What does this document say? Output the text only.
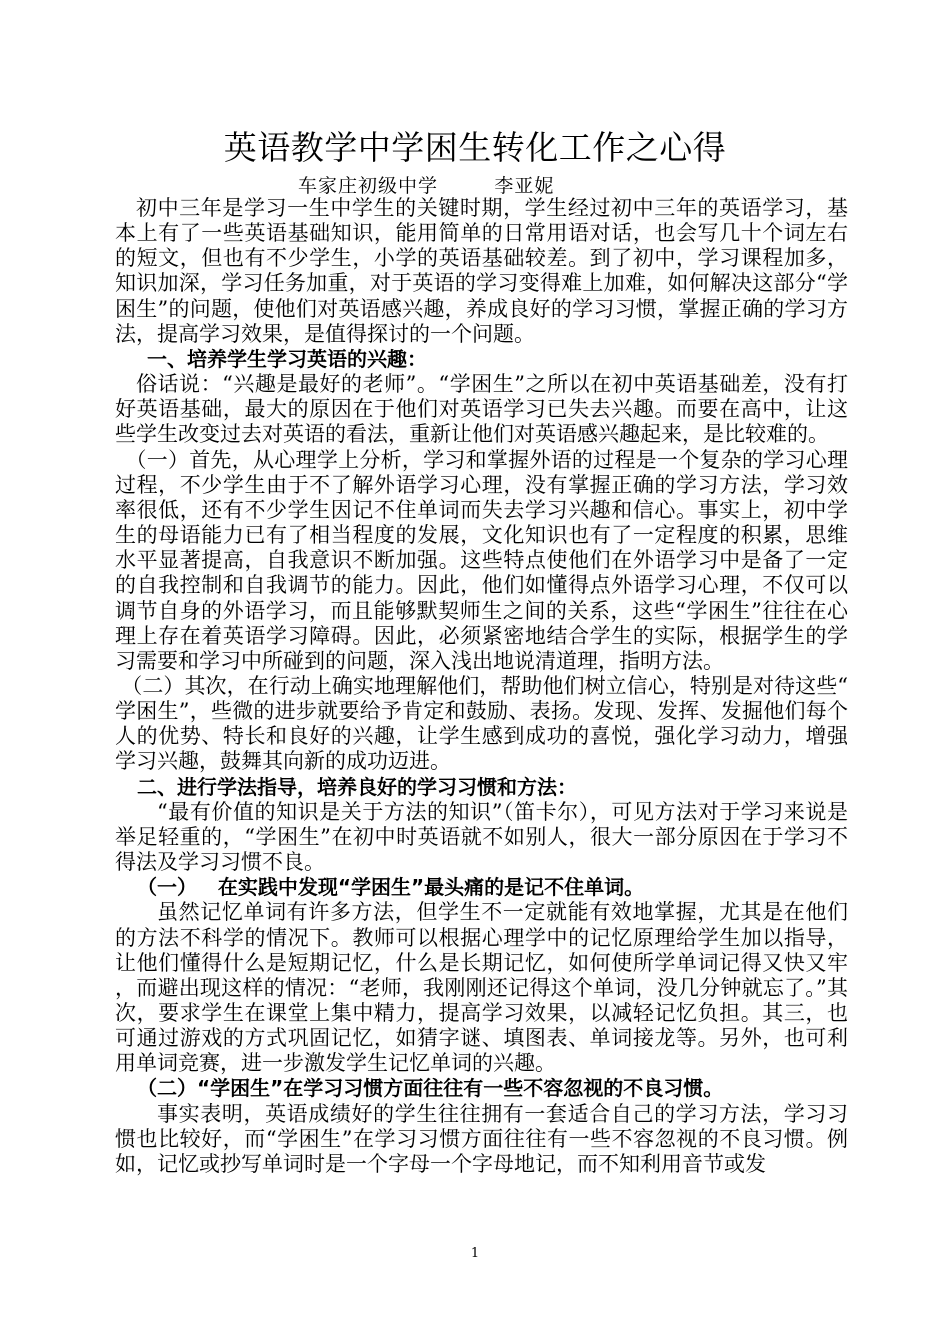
英语教学中学困生转化工作之心得
车家庄初级中学        李亚妮

初中三年是学习一生中学生的关键时期，学生经过初中三年的英语学习，基本上有了一些英语基础知识，能用简单的日常用语对话，也会写几十个词左右的短文，但也有不少学生，小学的英语基础较差。到了初中，学习课程加多，知识加深，学习任务加重，对于英语的学习变得难上加难，如何解决这部分“学困生”的问题，使他们对英语感兴趣，养成良好的学习习惯，掌握正确的学习方法，提高学习效果，是值得探讨的一个问题。

一、培养学生学习英语的兴趣：

俗话说：“兴趣是最好的老师”。“学困生”之所以在初中英语基础差，没有打好英语基础，最大的原因在于他们对英语学习已失去兴趣。而要在高中，让这些学生改变过去对英语的看法，重新让他们对英语感兴趣起来，是比较难的。

（一）首先，从心理学上分析，学习和掌握外语的过程是一个复杂的学习心理过程，不少学生由于不了解外语学习心理，没有掌握正确的学习方法，学习效率很低，还有不少学生因记不住单词而失去学习兴趣和信心。事实上，初中学生的母语能力已有了相当程度的发展，文化知识也有了一定程度的积累，思维水平显著提高，自我意识不断加强。这些特点使他们在外语学习中是备了一定的自我控制和自我调节的能力。因此，他们如懂得点外语学习心理，不仅可以调节自身的外语学习，而且能够默契师生之间的关系，这些“学困生”往往在心理上存在着英语学习障碍。因此，必须紧密地结合学生的实际，根据学生的学习需要和学习中所碰到的问题，深入浅出地说清道理，指明方法。

（二）其次，在行动上确实地理解他们，帮助他们树立信心，特别是对待这些“学困生”，些微的进步就要给予肯定和鼓励、表扬。发现、发挥、发掘他们每个人的优势、特长和良好的兴趣，让学生感到成功的喜悦，强化学习动力，增强学习兴趣，鼓舞其向新的成功迈进。

二、进行学法指导，培养良好的学习习惯和方法：

“最有价值的知识是关于方法的知识”（笛卡尔），可见方法对于学习来说是举足轻重的，“学困生”在初中时英语就不如别人，很大一部分原因在于学习不得法及学习习惯不良。

（一）   在实践中发现“学困生”最头痛的是记不住单词。

虽然记忆单词有许多方法，但学生不一定就能有效地掌握，尤其是在他们的方法不科学的情况下。教师可以根据心理学中的记忆原理给学生加以指导，让他们懂得什么是短期记忆，什么是长期记忆，如何使所学单词记得又快又牢，而避出现这样的情况：“老师，我刚刚还记得这个单词，没几分钟就忘了。”其次，要求学生在课堂上集中精力，提高学习效果，以减轻记忆负担。其三，也可通过游戏的方式巩固记忆，如猜字谜、填图表、单词接龙等。另外，也可利用单词竞赛，进一步激发学生记忆单词的兴趣。

（二）“学困生”在学习习惯方面往往有一些不容忽视的不良习惯。

事实表明，英语成绩好的学生往往拥有一套适合自己的学习方法，学习习惯也比较好，而“学困生”在学习习惯方面往往有一些不容忽视的不良习惯。例如，记忆或抄写单词时是一个字母一个字母地记，而不知利用音节或发

1
